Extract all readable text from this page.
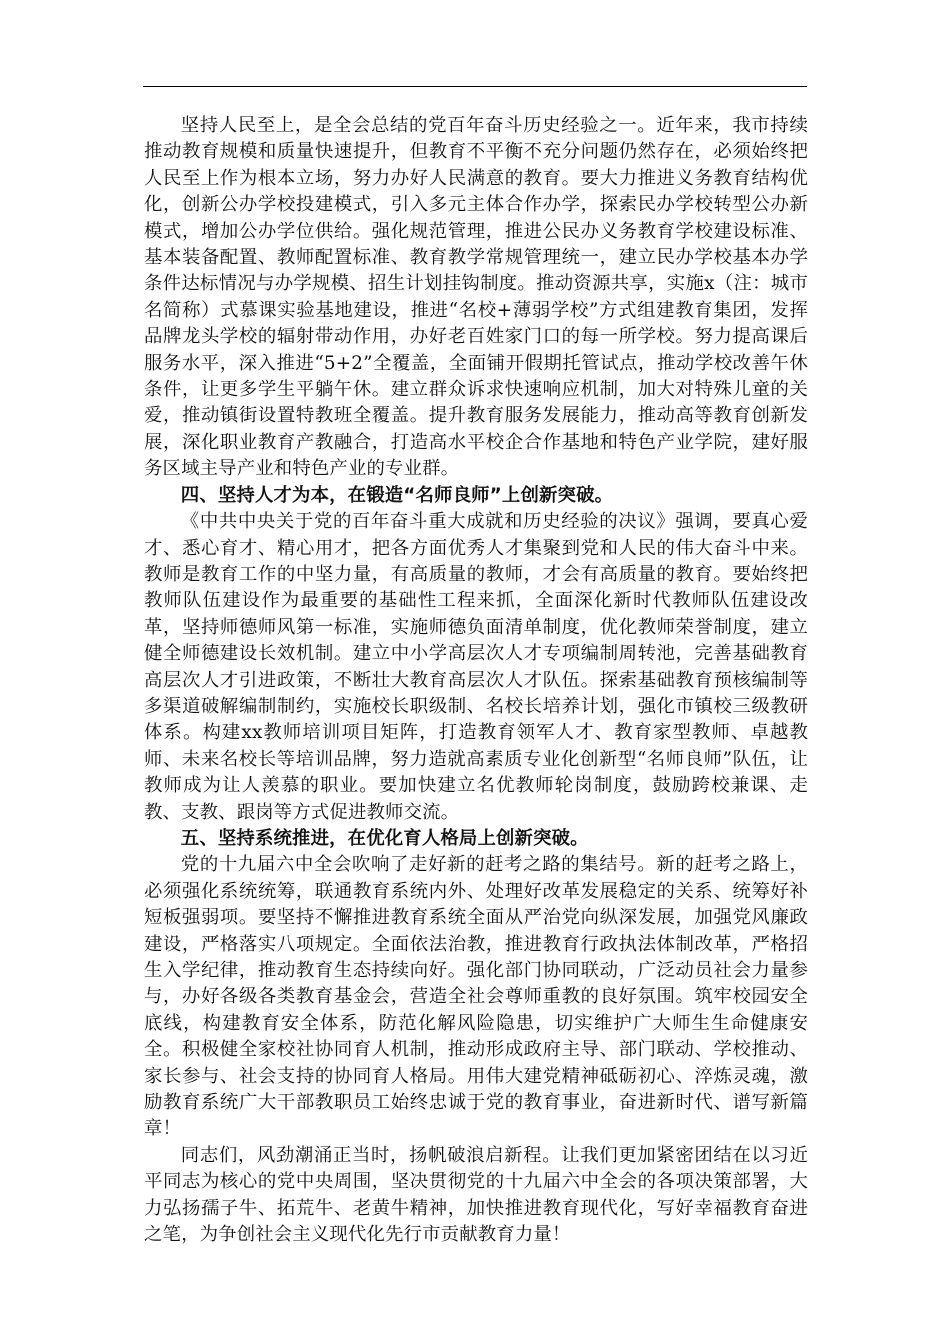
坚持人民至上，是全会总结的党百年奋斗历史经验之一。近年来，我市持续推动教育规模和质量快速提升，但教育不平衡不充分问题仍然存在，必须始终把人民至上作为根本立场，努力办好人民满意的教育。要大力推进义务教育结构优化，创新公办学校投建模式，引入多元主体合作办学，探索民办学校转型公办新模式，增加公办学位供给。强化规范管理，推进公民办义务教育学校建设标准、基本装备配置、教师配置标准、教育教学常规管理统一，建立民办学校基本办学条件达标情况与办学规模、招生计划挂钩制度。推动资源共享，实施x（注：城市名简称）式慕课实验基地建设，推进“名校+薄弱学校”方式组建教育集团，发挥品牌龙头学校的辐射带动作用，办好老百姓家门口的每一所学校。努力提高课后服务水平，深入推进“5+2”全覆盖，全面铺开假期托管试点，推动学校改善午休条件，让更多学生平躺午休。建立群众诉求快速响应机制，加大对特殊儿童的关爱，推动镇街设置特教班全覆盖。提升教育服务发展能力，推动高等教育创新发展，深化职业教育产教融合，打造高水平校企合作基地和特色产业学院，建好服务区域主导产业和特色产业的专业群。

四、坚持人才为本，在锻造“名师良师”上创新突破。

《中共中央关于党的百年奋斗重大成就和历史经验的决议》强调，要真心爱才、悉心育才、精心用才，把各方面优秀人才集聚到党和人民的伟大奋斗中来。教师是教育工作的中坚力量，有高质量的教师，才会有高质量的教育。要始终把教师队伍建设作为最重要的基础性工程来抓，全面深化新时代教师队伍建设改革，坚持师德师风第一标准，实施师德负面清单制度，优化教师荣誉制度，建立健全师德建设长效机制。建立中小学高层次人才专项编制周转池，完善基础教育高层次人才引进政策，不断壮大教育高层次人才队伍。探索基础教育预核编制等多渠道破解编制制约，实施校长职级制、名校长培养计划，强化市镇校三级教研体系。构建xx教师培训项目矩阵，打造教育领军人才、教育家型教师、卓越教师、未来名校长等培训品牌，努力造就高素质专业化创新型“名师良师”队伍，让教师成为让人羡慕的职业。要加快建立名优教师轮岗制度，鼓励跨校兼课、走教、支教、跟岗等方式促进教师交流。

五、坚持系统推进，在优化育人格局上创新突破。

党的十九届六中全会吹响了走好新的赶考之路的集结号。新的赶考之路上，必须强化系统统筹，联通教育系统内外、处理好改革发展稳定的关系、统筹好补短板强弱项。要坚持不懈推进教育系统全面从严治党向纵深发展，加强党风廉政建设，严格落实八项规定。全面依法治教，推进教育行政执法体制改革，严格招生入学纪律，推动教育生态持续向好。强化部门协同联动，广泛动员社会力量参与，办好各级各类教育基金会，营造全社会尊师重教的良好氛围。筑牢校园安全底线，构建教育安全体系，防范化解风险隐患，切实维护广大师生生命健康安全。积极健全家校社协同育人机制，推动形成政府主导、部门联动、学校推动、家长参与、社会支持的协同育人格局。用伟大建党精神砥砺初心、淬炼灵魂，激励教育系统广大干部教职员工始终忠诚于党的教育事业，奋进新时代、谱写新篇章！

同志们，风劲潮涌正当时，扬帆破浪启新程。让我们更加紧密团结在以习近平同志为核心的党中央周围，坚决贯彻党的十九届六中全会的各项决策部署，大力弘扬孺子牛、拓荒牛、老黄牛精神，加快推进教育现代化，写好幸福教育奋进之笔，为争创社会主义现代化先行市贡献教育力量！
